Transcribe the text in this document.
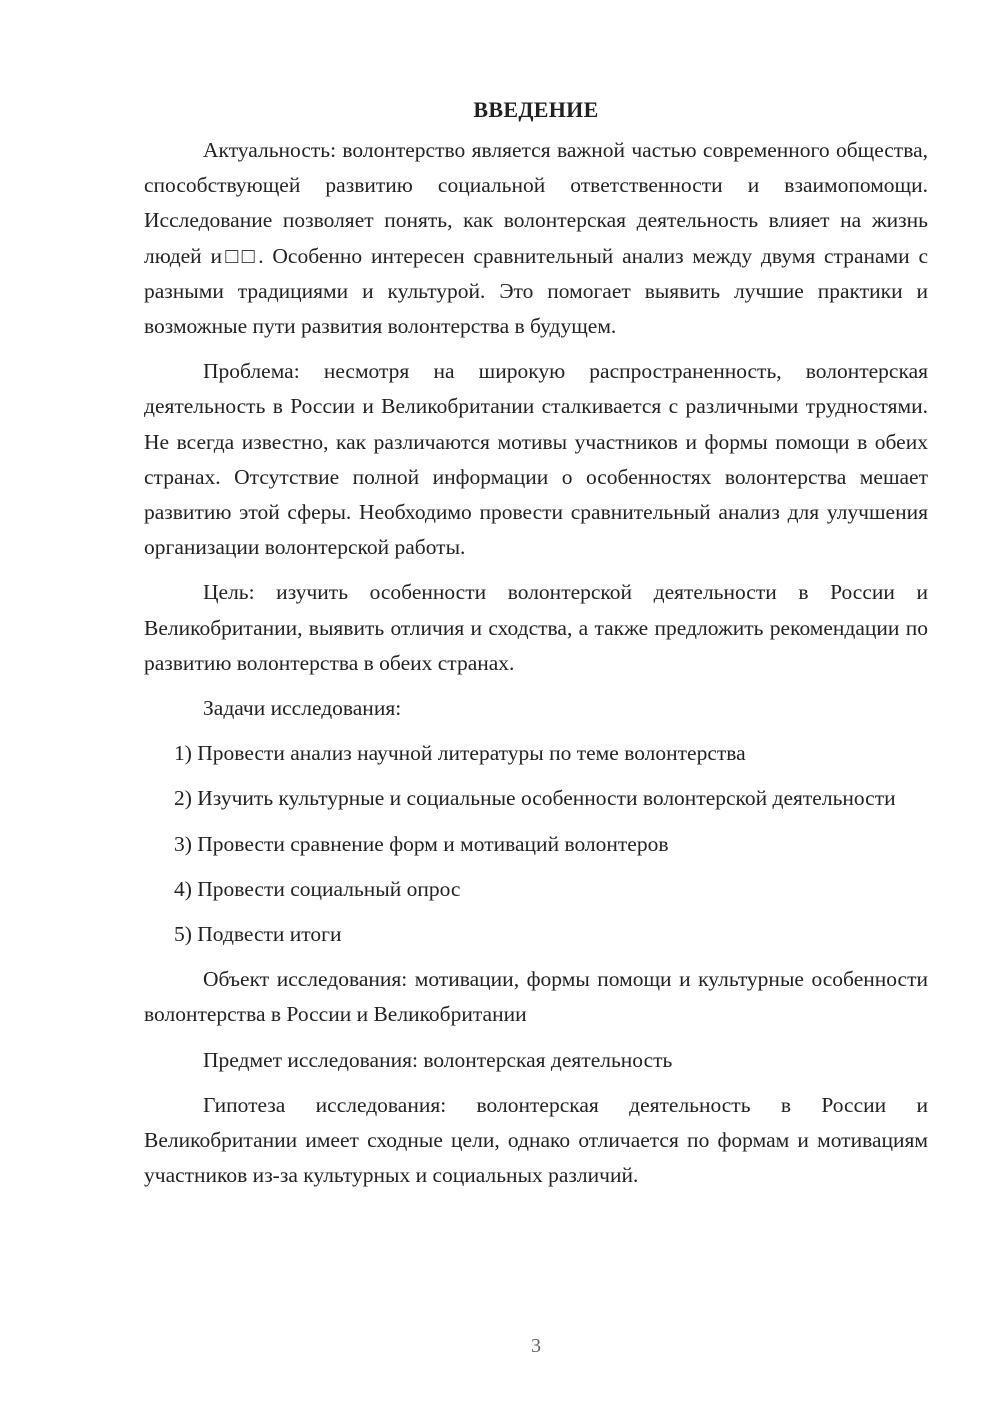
ВВЕДЕНИЕ

Актуальность: волонтерство является важной частью современного общества, способствующей развитию социальной ответственности и взаимопомощи. Исследование позволяет понять, как волонтерская деятельность влияет на жизнь людей и□□. Особенно интересен сравнительный анализ между двумя странами с разными традициями и культурой. Это помогает выявить лучшие практики и возможные пути развития волонтерства в будущем.

Проблема: несмотря на широкую распространенность, волонтерская деятельность в России и Великобритании сталкивается с различными трудностями. Не всегда известно, как различаются мотивы участников и формы помощи в обеих странах. Отсутствие полной информации о особенностях волонтерства мешает развитию этой сферы. Необходимо провести сравнительный анализ для улучшения организации волонтерской работы.

Цель: изучить особенности волонтерской деятельности в России и Великобритании, выявить отличия и сходства, а также предложить рекомендации по развитию волонтерства в обеих странах.

Задачи исследования:

1) Провести анализ научной литературы по теме волонтерства

2) Изучить культурные и социальные особенности волонтерской деятельности

3) Провести сравнение форм и мотиваций волонтеров

4) Провести социальный опрос

5) Подвести итоги

Объект исследования: мотивации, формы помощи и культурные особенности волонтерства в России и Великобритании

Предмет исследования: волонтерская деятельность

Гипотеза исследования: волонтерская деятельность в России и Великобритании имеет сходные цели, однако отличается по формам и мотивациям участников из-за культурных и социальных различий.

3
